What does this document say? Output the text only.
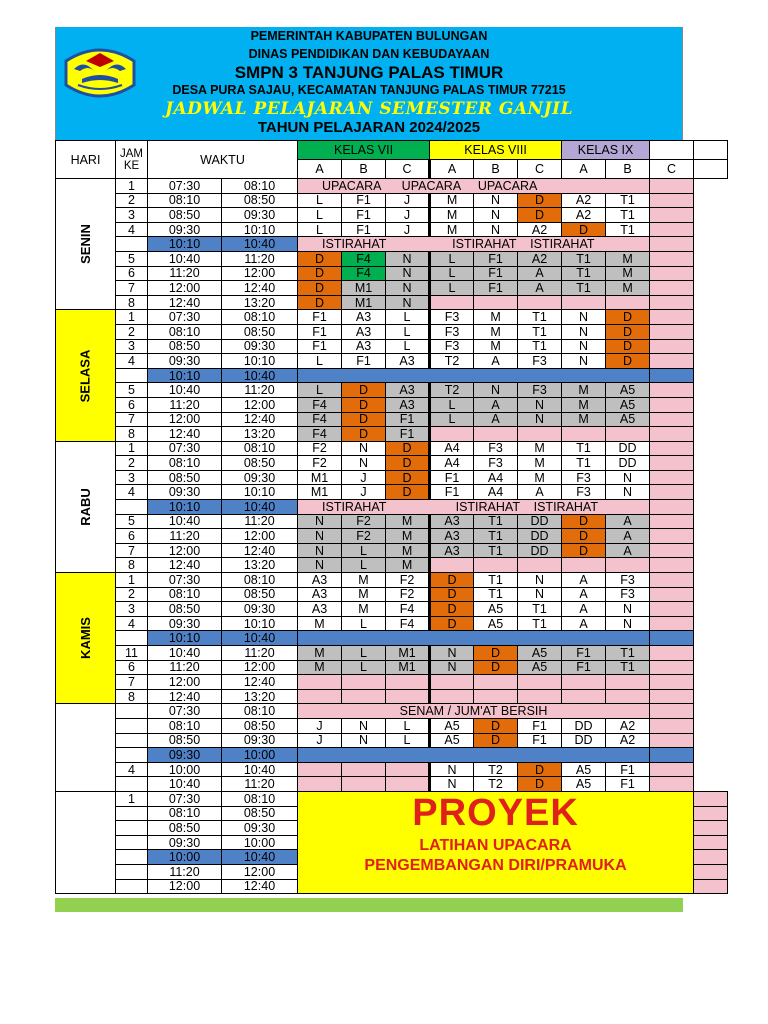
PEMERINTAH KABUPATEN BULUNGAN
DINAS PENDIDIKAN DAN KEBUDAYAAN
SMPN 3 TANJUNG PALAS TIMUR
DESA PURA SAJAU, KECAMATAN TANJUNG PALAS TIMUR 77215
JADWAL PELAJARAN SEMESTER GANJIL
TAHUN PELAJARAN 2024/2025
HARI	JAM
KE	WAKTU		KELAS VII			KELAS VIII			KELAS IX			
				A	B	C	A	B	C	A	B	C	
SENIN	1	07:30	08:10	UPACARA      UPACARA     UPACARA									

	2	08:10	08:50	L	F1	J	M	N	D	A2	T1		
	3	08:50	09:30	L	F1	J	M	N	D	A2	T1		
	4	09:30	10:10	L	F1	J	M	N	A2	D	T1		
		10:10	10:40	ISTIRAHAT                   ISTIRAHAT    ISTIRAHAT									

	5	10:40	11:20	D	F4	N	L	F1	A2	T1	M		
	6	11:20	12:00	D	F4	N	L	F1	A	T1	M		
	7	12:00	12:40	D	M1	N	L	F1	A	T1	M		
	8	12:40	13:20	D	M1	N							
SELASA	1	07:30	08:10	F1	A3	L	F3	M	T1	N	D		
	2	08:10	08:50	F1	A3	L	F3	M	T1	N	D		
	3	08:50	09:30	F1	A3	L	F3	M	T1	N	D		
	4	09:30	10:10	L	F1	A3	T2	A	F3	N	D		
		10:10	10:40										
	5	10:40	11:20	L	D	A3	T2	N	F3	M	A5		
	6	11:20	12:00	F4	D	A3	L	A	N	M	A5		
	7	12:00	12:40	F4	D	F1	L	A	N	M	A5		
	8	12:40	13:20	F4	D	F1							
RABU	1	07:30	08:10	F2	N	D	A4	F3	M	T1	DD		
	2	08:10	08:50	F2	N	D	A4	F3	M	T1	DD		
	3	08:50	09:30	M1	J	D	F1	A4	M	F3	N		
	4	09:30	10:10	M1	J	D	F1	A4	A	F3	N		
		10:10	10:40	ISTIRAHAT                    ISTIRAHAT    ISTIRAHAT									

	5	10:40	11:20	N	F2	M	A3	T1	DD	D	A		
	6	11:20	12:00	N	F2	M	A3	T1	DD	D	A		
	7	12:00	12:40	N	L	M	A3	T1	DD	D	A		
	8	12:40	13:20	N	L	M							
KAMIS	1	07:30	08:10	A3	M	F2	D	T1	N	A	F3		
	2	08:10	08:50	A3	M	F2	D	T1	N	A	F3		
	3	08:50	09:30	A3	M	F4	D	A5	T1	A	N		
	4	09:30	10:10	M	L	F4	D	A5	T1	A	N		
		10:10	10:40										
	11	10:40	11:20	M	L	M1	N	D	A5	F1	T1		
	6	11:20	12:00	M	L	M1	N	D	A5	F1	T1		
	7	12:00	12:40										
	8	12:40	13:20										
		07:30	08:10	SENAM / JUM'AT BERSIH									

		08:10	08:50	J	N	L	A5	D	F1	DD	A2		
		08:50	09:30	J	N	L	A5	D	F1	DD	A2		
		09:30	10:00										
	4	10:00	10:40				N	T2	D	A5	F1		
		10:40	11:20				N	T2	D	A5	F1		
	1	07:30	08:10	PROYEK
LATIHAN UPACARA
PENGEMBANGAN DIRI/PRAMUKA									

		08:10	08:50										
		08:50	09:30										
		09:30	10:00										
		10:00	10:40										
		11:20	12:00										
		12:00	12:40										
